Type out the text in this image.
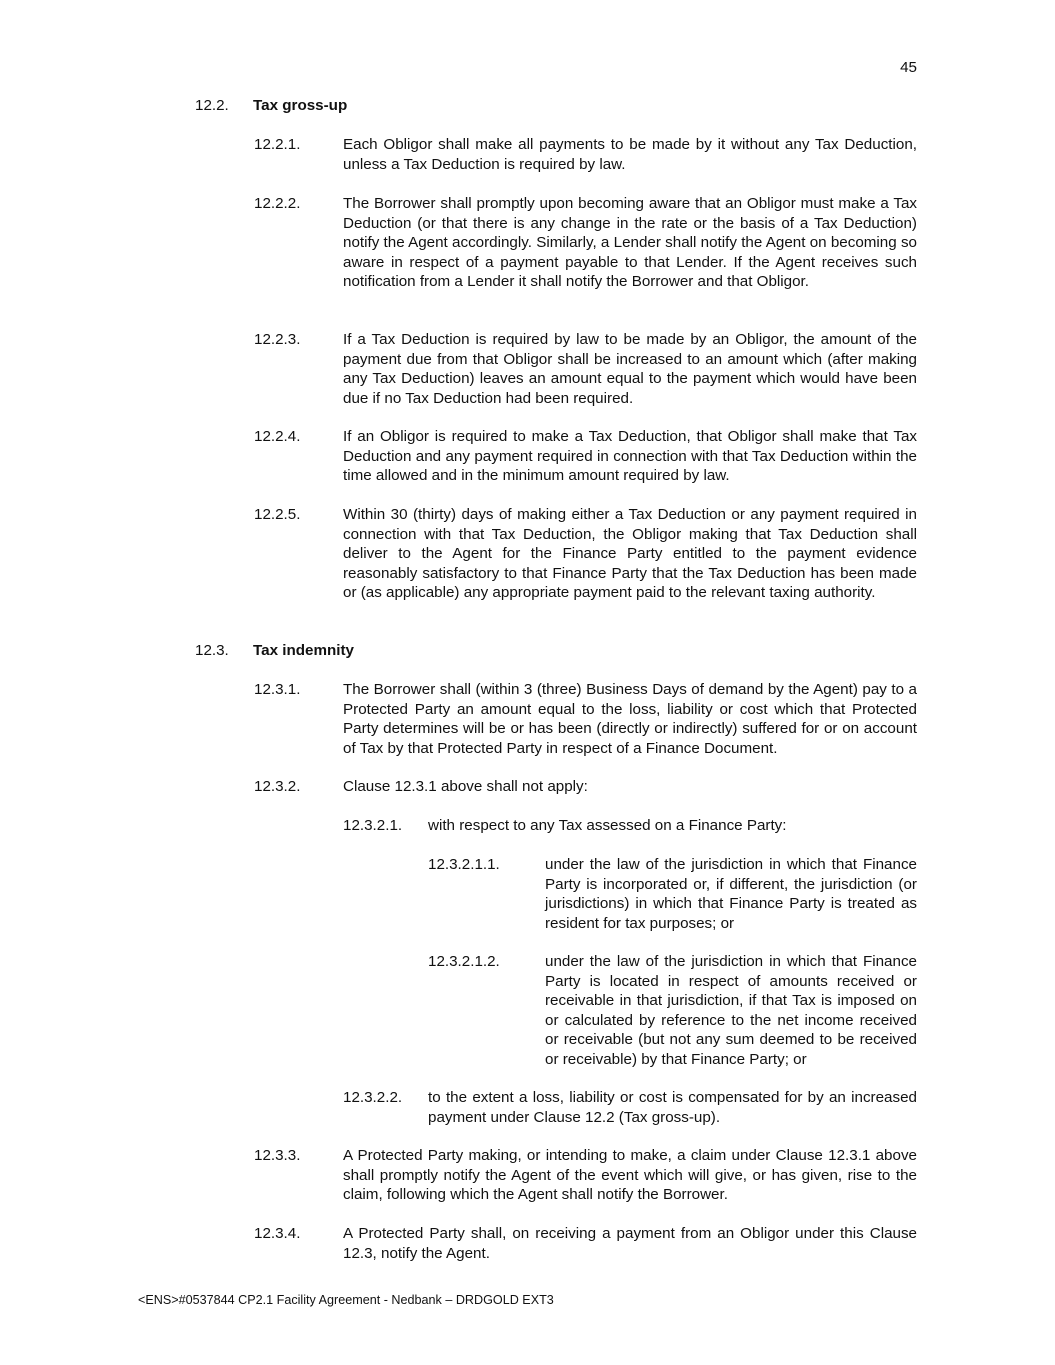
45
12.2. Tax gross-up
12.2.1.	Each Obligor shall make all payments to be made by it without any Tax Deduction, unless a Tax Deduction is required by law.
12.2.2.	The Borrower shall promptly upon becoming aware that an Obligor must make a Tax Deduction (or that there is any change in the rate or the basis of a Tax Deduction) notify the Agent accordingly. Similarly, a Lender shall notify the Agent on becoming so aware in respect of a payment payable to that Lender. If the Agent receives such notification from a Lender it shall notify the Borrower and that Obligor.
12.2.3.	If a Tax Deduction is required by law to be made by an Obligor, the amount of the payment due from that Obligor shall be increased to an amount which (after making any Tax Deduction) leaves an amount equal to the payment which would have been due if no Tax Deduction had been required.
12.2.4.	If an Obligor is required to make a Tax Deduction, that Obligor shall make that Tax Deduction and any payment required in connection with that Tax Deduction within the time allowed and in the minimum amount required by law.
12.2.5.	Within 30 (thirty) days of making either a Tax Deduction or any payment required in connection with that Tax Deduction, the Obligor making that Tax Deduction shall deliver to the Agent for the Finance Party entitled to the payment evidence reasonably satisfactory to that Finance Party that the Tax Deduction has been made or (as applicable) any appropriate payment paid to the relevant taxing authority.
12.3. Tax indemnity
12.3.1.	The Borrower shall (within 3 (three) Business Days of demand by the Agent) pay to a Protected Party an amount equal to the loss, liability or cost which that Protected Party determines will be or has been (directly or indirectly) suffered for or on account of Tax by that Protected Party in respect of a Finance Document.
12.3.2.	Clause 12.3.1 above shall not apply:
12.3.2.1. with respect to any Tax assessed on a Finance Party:
12.3.2.1.1.	under the law of the jurisdiction in which that Finance Party is incorporated or, if different, the jurisdiction (or jurisdictions) in which that Finance Party is treated as resident for tax purposes; or
12.3.2.1.2.	under the law of the jurisdiction in which that Finance Party is located in respect of amounts received or receivable in that jurisdiction, if that Tax is imposed on or calculated by reference to the net income received or receivable (but not any sum deemed to be received or receivable) by that Finance Party; or
12.3.2.2. to the extent a loss, liability or cost is compensated for by an increased payment under Clause 12.2 (Tax gross-up).
12.3.3.	A Protected Party making, or intending to make, a claim under Clause 12.3.1 above shall promptly notify the Agent of the event which will give, or has given, rise to the claim, following which the Agent shall notify the Borrower.
12.3.4.	A Protected Party shall, on receiving a payment from an Obligor under this Clause 12.3, notify the Agent.
<ENS>#0537844 CP2.1 Facility Agreement - Nedbank – DRDGOLD EXT3
